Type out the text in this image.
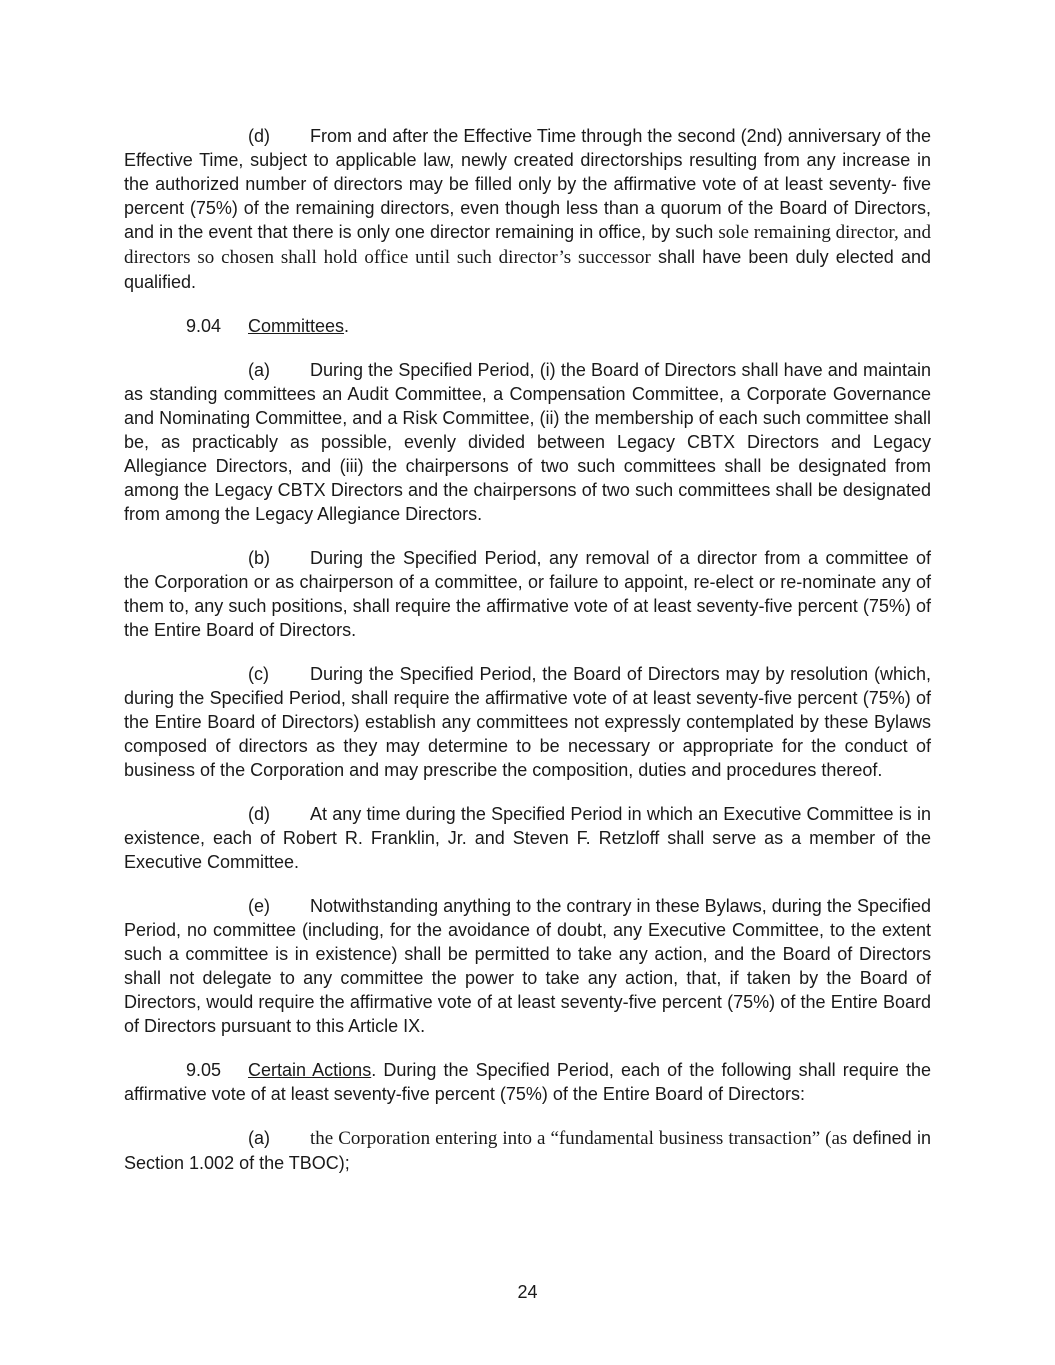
(d) From and after the Effective Time through the second (2nd) anniversary of the Effective Time, subject to applicable law, newly created directorships resulting from any increase in the authorized number of directors may be filled only by the affirmative vote of at least seventy- five percent (75%) of the remaining directors, even though less than a quorum of the Board of Directors, and in the event that there is only one director remaining in office, by such sole remaining director, and directors so chosen shall hold office until such director’s successor shall have been duly elected and qualified.

9.04 Committees.

(a) During the Specified Period, (i) the Board of Directors shall have and maintain as standing committees an Audit Committee, a Compensation Committee, a Corporate Governance and Nominating Committee, and a Risk Committee, (ii) the membership of each such committee shall be, as practicably as possible, evenly divided between Legacy CBTX Directors and Legacy Allegiance Directors, and (iii) the chairpersons of two such committees shall be designated from among the Legacy CBTX Directors and the chairpersons of two such committees shall be designated from among the Legacy Allegiance Directors.

(b) During the Specified Period, any removal of a director from a committee of the Corporation or as chairperson of a committee, or failure to appoint, re-elect or re-nominate any of them to, any such positions, shall require the affirmative vote of at least seventy-five percent (75%) of the Entire Board of Directors.

(c) During the Specified Period, the Board of Directors may by resolution (which, during the Specified Period, shall require the affirmative vote of at least seventy-five percent (75%) of the Entire Board of Directors) establish any committees not expressly contemplated by these Bylaws composed of directors as they may determine to be necessary or appropriate for the conduct of business of the Corporation and may prescribe the composition, duties and procedures thereof.

(d) At any time during the Specified Period in which an Executive Committee is in existence, each of Robert R. Franklin, Jr. and Steven F. Retzloff shall serve as a member of the Executive Committee.

(e) Notwithstanding anything to the contrary in these Bylaws, during the Specified Period, no committee (including, for the avoidance of doubt, any Executive Committee, to the extent such a committee is in existence) shall be permitted to take any action, and the Board of Directors shall not delegate to any committee the power to take any action, that, if taken by the Board of Directors, would require the affirmative vote of at least seventy-five percent (75%) of the Entire Board of Directors pursuant to this Article IX.

9.05 Certain Actions. During the Specified Period, each of the following shall require the affirmative vote of at least seventy-five percent (75%) of the Entire Board of Directors:

(a) the Corporation entering into a “fundamental business transaction” (as defined in Section 1.002 of the TBOC);

24
